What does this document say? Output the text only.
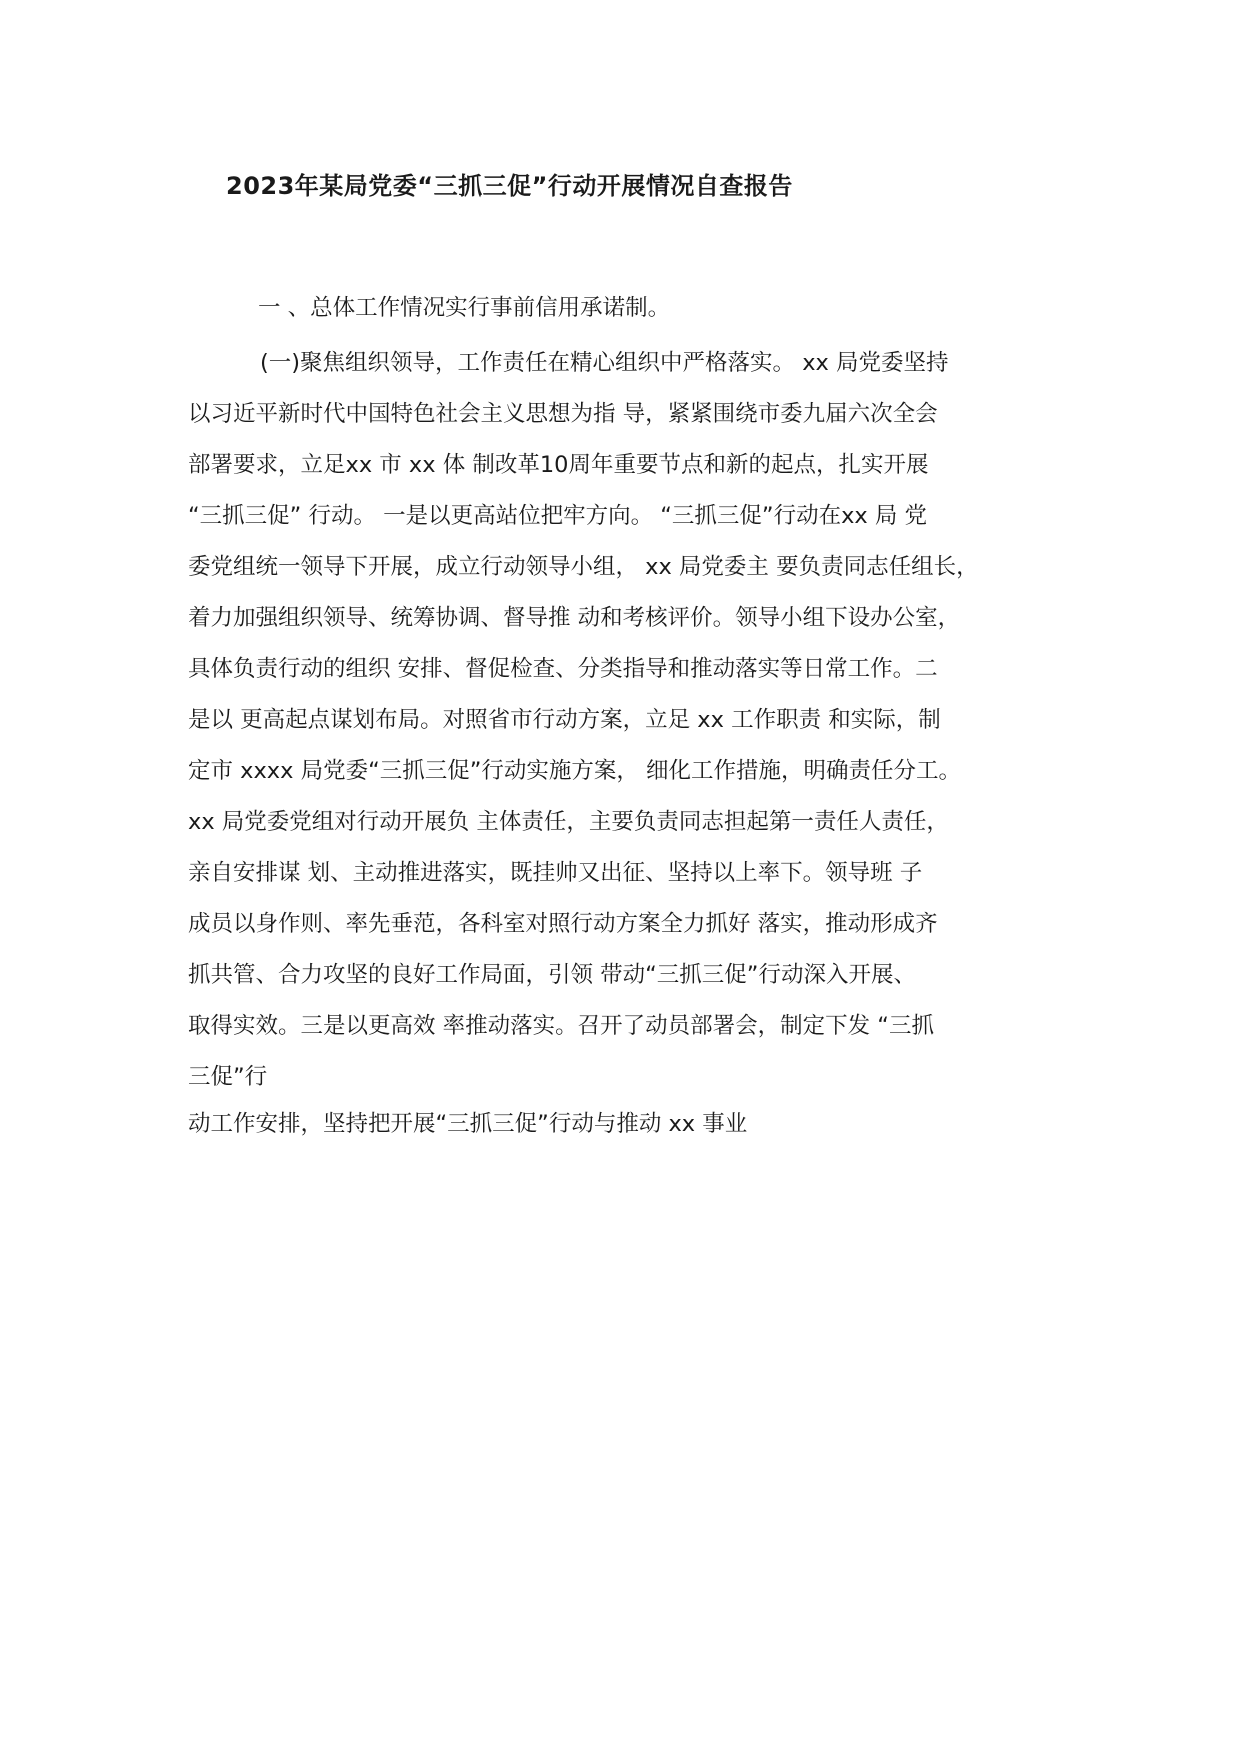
2023年某局党委“三抓三促”行动开展情况自查报告

一 、总体工作情况实行事前信用承诺制。

(一)聚焦组织领导，工作责任在精心组织中严格落实。 xx 局党委坚持
以习近平新时代中国特色社会主义思想为指 导，紧紧围绕市委九届六次全会
部署要求，立足xx 市 xx 体 制改革10周年重要节点和新的起点，扎实开展
“三抓三促” 行动。 一是以更高站位把牢方向。 “三抓三促”行动在xx 局 党
委党组统一领导下开展，成立行动领导小组， xx 局党委主 要负责同志任组长，
着力加强组织领导、统筹协调、督导推 动和考核评价。领导小组下设办公室，
具体负责行动的组织 安排、督促检查、分类指导和推动落实等日常工作。二
是以 更高起点谋划布局。对照省市行动方案，立足 xx 工作职责 和实际，制
定市 xxxx 局党委“三抓三促”行动实施方案， 细化工作措施，明确责任分工。
xx 局党委党组对行动开展负 主体责任，主要负责同志担起第一责任人责任，
亲自安排谋 划、主动推进落实，既挂帅又出征、坚持以上率下。领导班 子
成员以身作则、率先垂范，各科室对照行动方案全力抓好 落实，推动形成齐
抓共管、合力攻坚的良好工作局面，引领 带动“三抓三促”行动深入开展、
取得实效。三是以更高效 率推动落实。召开了动员部署会，制定下发 “三抓
三促”行
动工作安排，坚持把开展“三抓三促”行动与推动 xx 事业
